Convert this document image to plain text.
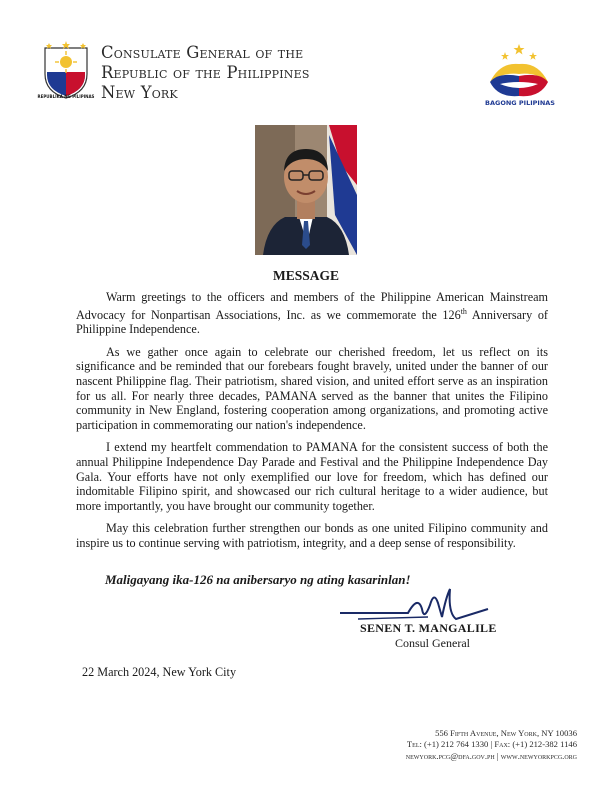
REPUBLIKA NG PILIPINAS
Consulate General of the
Republic of the Philippines
New York
BAGONG PILIPINAS
MESSAGE

Warm greetings to the officers and members of the Philippine American Mainstream Advocacy for Nonpartisan Associations, Inc. as we commemorate the 126th Anniversary of Philippine Independence.

As we gather once again to celebrate our cherished freedom, let us reflect on its significance and be reminded that our forebears fought bravely, united under the banner of our nascent Philippine flag. Their patriotism, shared vision, and united effort serve as an inspiration for us all. For nearly three decades, PAMANA served as the banner that unites the Filipino community in New England, fostering cooperation among organizations, and promoting active participation in commemorating our nation's independence.

I extend my heartfelt commendation to PAMANA for the consistent success of both the annual Philippine Independence Day Parade and Festival and the Philippine Independence Day Gala. Your efforts have not only exemplified our love for freedom, which has defined our indomitable Filipino spirit, and showcased our rich cultural heritage to a wider audience, but more importantly, you have brought our community together.

May this celebration further strengthen our bonds as one united Filipino community and inspire us to continue serving with patriotism, integrity, and a deep sense of responsibility.

Maligayang ika-126 na anibersaryo ng ating kasarinlan!
SENEN T. MANGALILE
Consul General
22 March 2024, New York City
556 Fifth Avenue, New York, NY 10036
Tel: (+1) 212 764 1330 | Fax: (+1) 212-382 1146
newyork.pcg@dfa.gov.ph | www.newyorkpcg.org
